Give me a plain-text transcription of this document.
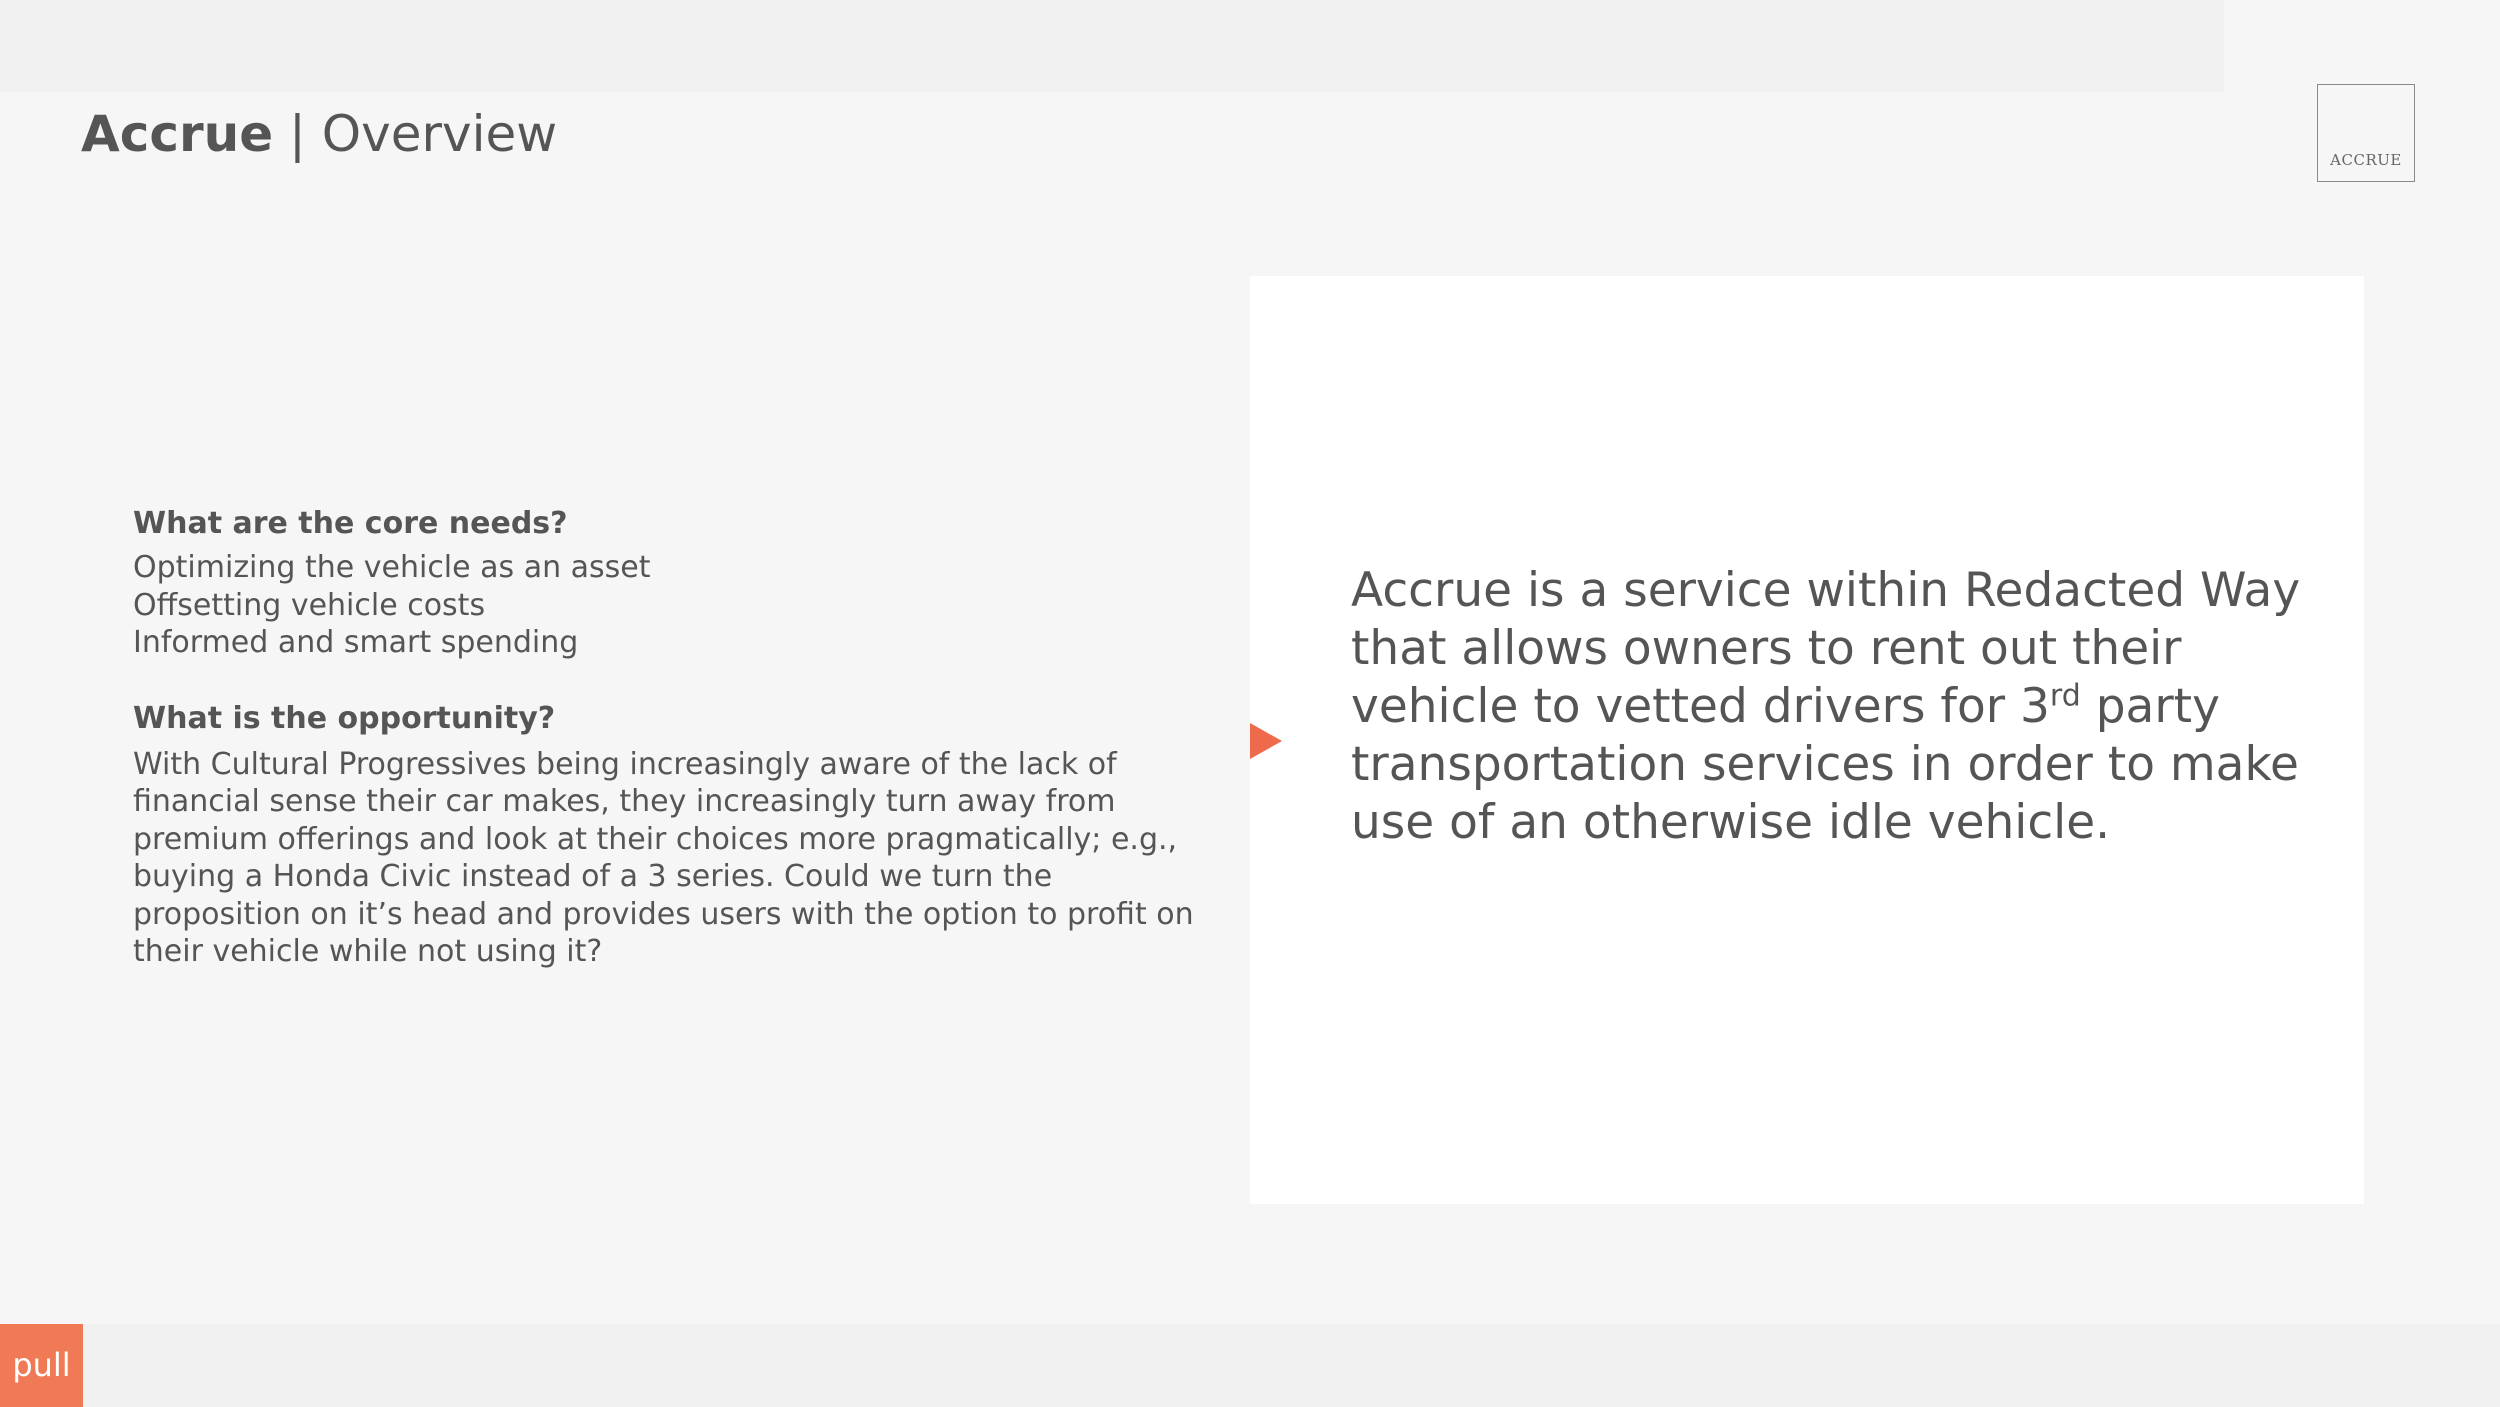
Accrue | Overview	ACCRUE
What are the core needs?
Optimizing the vehicle as an asset
Offsetting vehicle costs
Informed and smart spending
What is the opportunity?

With Cultural Progressives being increasingly aware of the lack of financial sense their car makes, they increasingly turn away from premium offerings and look at their choices more pragmatically; e.g., buying a Honda Civic instead of a 3 series. Could we turn the proposition on it’s head and provides users with the option to profit on their vehicle while not using it?

Accrue is a service within Redacted Way that allows owners to rent out their vehicle to vetted drivers for 3rd party transportation services in order to make use of an otherwise idle vehicle.

pull
